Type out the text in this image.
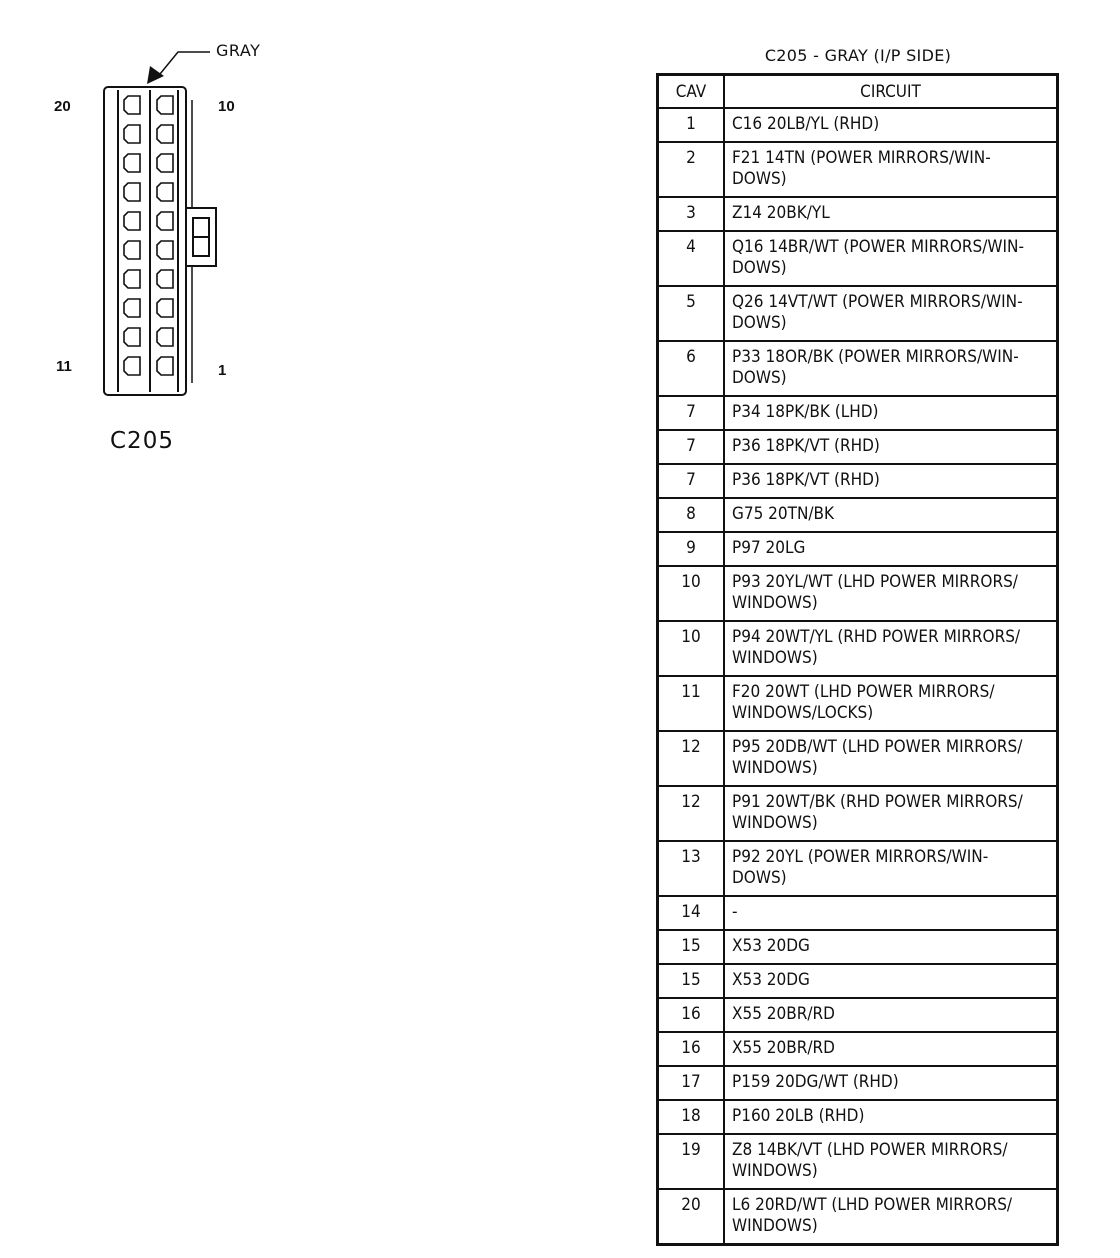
20	10
11	1
GRAY
C205
C205 - GRAY (I/P SIDE)
CAV	CIRCUIT
1	C16 20LB/YL (RHD)

2	F21 14TN (POWER MIRRORS/WIN-
DOWS)

3	Z14 20BK/YL

4	Q16 14BR/WT (POWER MIRRORS/WIN-
DOWS)

5	Q26 14VT/WT (POWER MIRRORS/WIN-
DOWS)

6	P33 18OR/BK (POWER MIRRORS/WIN-
DOWS)

7	P34 18PK/BK (LHD)

7	P36 18PK/VT (RHD)

7	P36 18PK/VT (RHD)

8	G75 20TN/BK

9	P97 20LG

10	P93 20YL/WT (LHD POWER MIRRORS/
WINDOWS)

10	P94 20WT/YL (RHD POWER MIRRORS/
WINDOWS)

11	F20 20WT (LHD POWER MIRRORS/
WINDOWS/LOCKS)

12	P95 20DB/WT (LHD POWER MIRRORS/
WINDOWS)

12	P91 20WT/BK (RHD POWER MIRRORS/
WINDOWS)

13	P92 20YL (POWER MIRRORS/WIN-
DOWS)

14	-

15	X53 20DG

15	X53 20DG

16	X55 20BR/RD

16	X55 20BR/RD

17	P159 20DG/WT (RHD)

18	P160 20LB (RHD)

19	Z8 14BK/VT (LHD POWER MIRRORS/
WINDOWS)

20	L6 20RD/WT (LHD POWER MIRRORS/
WINDOWS)
